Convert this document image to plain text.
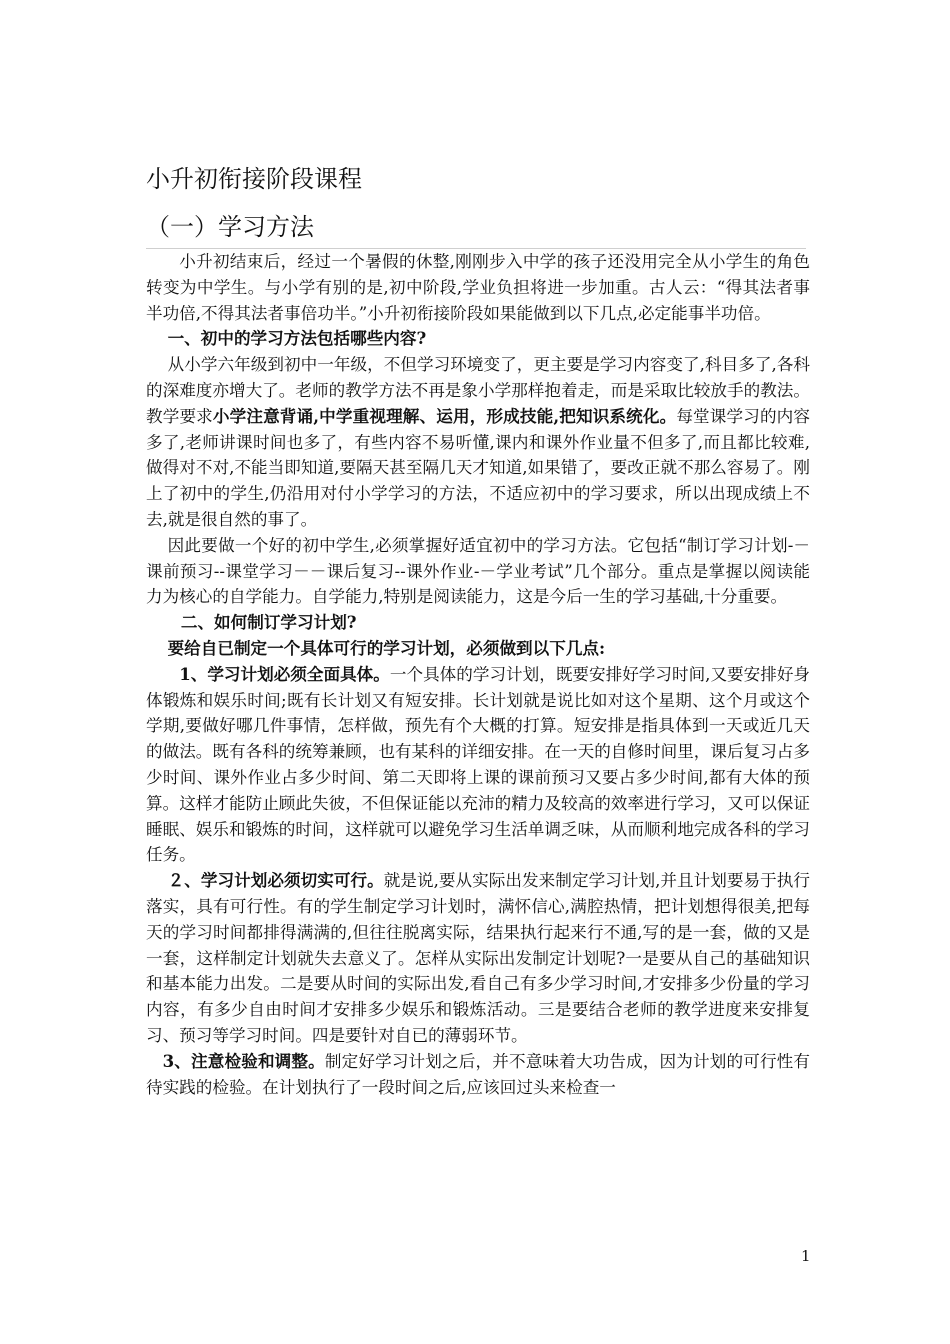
小升初衔接阶段课程
（一）学习方法

小升初结束后，经过一个暑假的休整,刚刚步入中学的孩子还没用完全从小学生的角色转变为中学生。与小学有别的是,初中阶段,学业负担将进一步加重。古人云：“得其法者事半功倍,不得其法者事倍功半。”小升初衔接阶段如果能做到以下几点,必定能事半功倍。

一、初中的学习方法包括哪些内容?

从小学六年级到初中一年级，不但学习环境变了，更主要是学习内容变了,科目多了,各科的深难度亦增大了。老师的教学方法不再是象小学那样抱着走，而是采取比较放手的教法。教学要求小学注意背诵,中学重视理解、运用，形成技能,把知识系统化。每堂课学习的内容多了,老师讲课时间也多了，有些内容不易听懂,课内和课外作业量不但多了,而且都比较难,做得对不对,不能当即知道,要隔天甚至隔几天才知道,如果错了，要改正就不那么容易了。刚上了初中的学生,仍沿用对付小学学习的方法，不适应初中的学习要求，所以出现成绩上不去,就是很自然的事了。

因此要做一个好的初中学生,必须掌握好适宜初中的学习方法。它包括“制订学习计划-－课前预习--课堂学习－－课后复习--课外作业-－学业考试”几个部分。重点是掌握以阅读能力为核心的自学能力。自学能力,特别是阅读能力，这是今后一生的学习基础,十分重要。

二、如何制订学习计划?

要给自已制定一个具体可行的学习计划，必须做到以下几点:

1、学习计划必须全面具体。一个具体的学习计划，既要安排好学习时间,又要安排好身体锻炼和娱乐时间;既有长计划又有短安排。长计划就是说比如对这个星期、这个月或这个学期,要做好哪几件事情，怎样做，预先有个大概的打算。短安排是指具体到一天或近几天的做法。既有各科的统筹兼顾，也有某科的详细安排。在一天的自修时间里，课后复习占多少时间、课外作业占多少时间、第二天即将上课的课前预习又要占多少时间,都有大体的预算。这样才能防止顾此失彼，不但保证能以充沛的精力及较高的效率进行学习，又可以保证睡眠、娱乐和锻炼的时间，这样就可以避免学习生活单调乏味，从而顺利地完成各科的学习任务。

２、学习计划必须切实可行。就是说,要从实际出发来制定学习计划,并且计划要易于执行落实，具有可行性。有的学生制定学习计划时，满怀信心,满腔热情，把计划想得很美,把每天的学习时间都排得满满的,但往往脱离实际，结果执行起来行不通,写的是一套，做的又是一套，这样制定计划就失去意义了。怎样从实际出发制定计划呢?一是要从自己的基础知识和基本能力出发。二是要从时间的实际出发,看自己有多少学习时间,才安排多少份量的学习内容，有多少自由时间才安排多少娱乐和锻炼活动。三是要结合老师的教学进度来安排复习、预习等学习时间。四是要针对自已的薄弱环节。

3、注意检验和调整。制定好学习计划之后，并不意味着大功告成，因为计划的可行性有待实践的检验。在计划执行了一段时间之后,应该回过头来检查一

1
